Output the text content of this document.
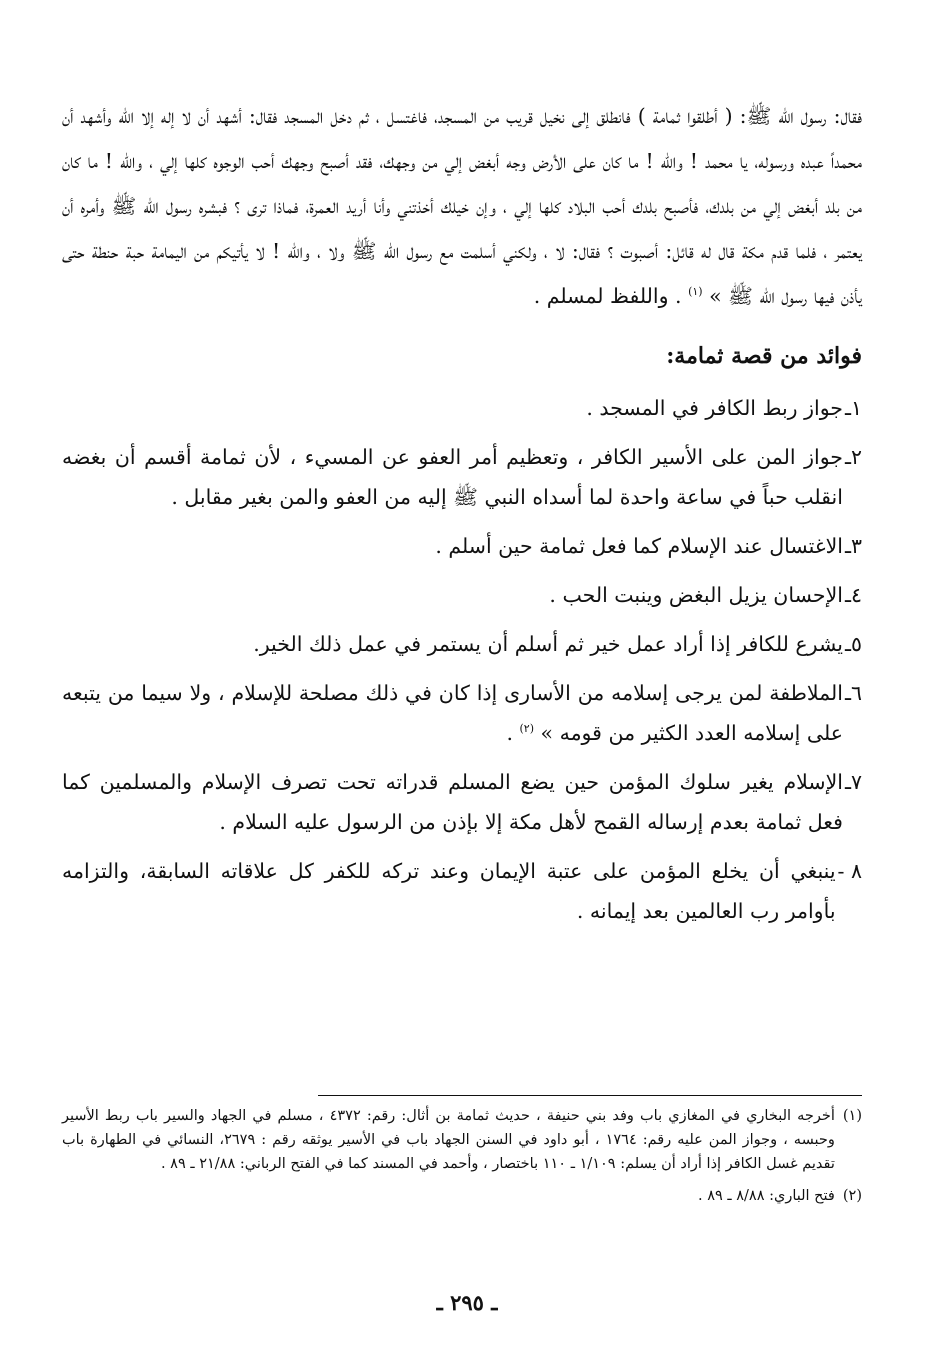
فقال: رسول الله ﷺ: ( أطلقوا ثمامة ) فانطلق إلى نخيل قريب من المسجد، فاغتسل ، ثم دخل المسجد فقال: أشهد أن لا إله إلا الله وأشهد أن محمداً عبده ورسوله، يا محمد ! والله ! ما كان على الأرض وجه أبغض إلي من وجهك، فقد أصبح وجهك أحب الوجوه كلها إلي ، والله ! ما كان من بلد أبغض إلي من بلدك، فأصبح بلدك أحب البلاد كلها إلي ، وإن خيلك أخذتني وأنا أريد العمرة، فماذا ترى ؟ فبشره رسول الله ﷺ وأمره أن يعتمر ، فلما قدم مكة قال له قائل: أصبوت ؟ فقال: لا ، ولكني أسلمت مع رسول الله ﷺ ولا ، والله ! لا يأتيكم من اليمامة حبة حنطة حتى يأذن فيها رسول الله ﷺ » $^{(١)}$ . واللفظ لمسلم .

فوائد من قصة ثمامة:
١ـ
جواز ربط الكافر في المسجد .
٢ـ
جواز المن على الأسير الكافر ، وتعظيم أمر العفو عن المسيء ، لأن ثمامة أقسم أن بغضه انقلب حباً في ساعة واحدة لما أسداه النبي ﷺ إليه من العفو والمن بغير مقابل .
٣ـ
الاغتسال عند الإسلام كما فعل ثمامة حين أسلم .
٤ـ
الإحسان يزيل البغض وينبت الحب .
٥ـ
يشرع للكافر إذا أراد عمل خير ثم أسلم أن يستمر في عمل ذلك الخير.
٦ـ
الملاطفة لمن يرجى إسلامه من الأسارى إذا كان في ذلك مصلحة للإسلام ، ولا سيما من يتبعه على إسلامه العدد الكثير من قومه » $^{(٢)}$ .
٧ـ
الإسلام يغير سلوك المؤمن حين يضع المسلم قدراته تحت تصرف الإسلام والمسلمين كما فعل ثمامة بعدم إرساله القمح لأهل مكة إلا بإذن من الرسول عليه السلام .
٨ -
ينبغي أن يخلع المؤمن على عتبة الإيمان وعند تركه للكفر كل علاقاته السابقة، والتزامه بأوامر رب العالمين بعد إيمانه .
(١)
أخرجه البخاري في المغازي باب وفد بني حنيفة ، حديث ثمامة بن أثال: رقم: ٤٣٧٢ ، مسلم في الجهاد والسير باب ربط الأسير وحبسه ، وجواز المن عليه رقم: ١٧٦٤ ، أبو داود في السنن الجهاد باب في الأسير يوثقه رقم : ٢٦٧٩، النسائي في الطهارة باب تقديم غسل الكافر إذا أراد أن يسلم: ١/١٠٩ ـ ١١٠ باختصار ، وأحمد في المسند كما في الفتح الرباني: ٢١/٨٨ ـ ٨٩ .
(٢)
فتح الباري: ٨/٨٨ ـ ٨٩ .
ـ ٢٩٥ ـ
